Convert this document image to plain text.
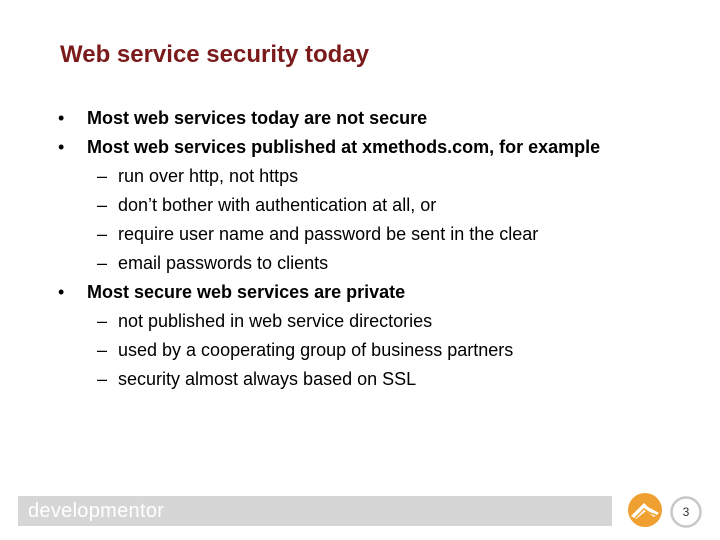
Web service security today
• Most web services today are not secure
• Most web services published at xmethods.com, for example
– run over http, not https
– don’t bother with authentication at all, or
– require user name and password be sent in the clear
– email passwords to clients
• Most secure web services are private
– not published in web service directories
– used by a cooperating group of business partners
– security almost always based on SSL
developmentor	3
